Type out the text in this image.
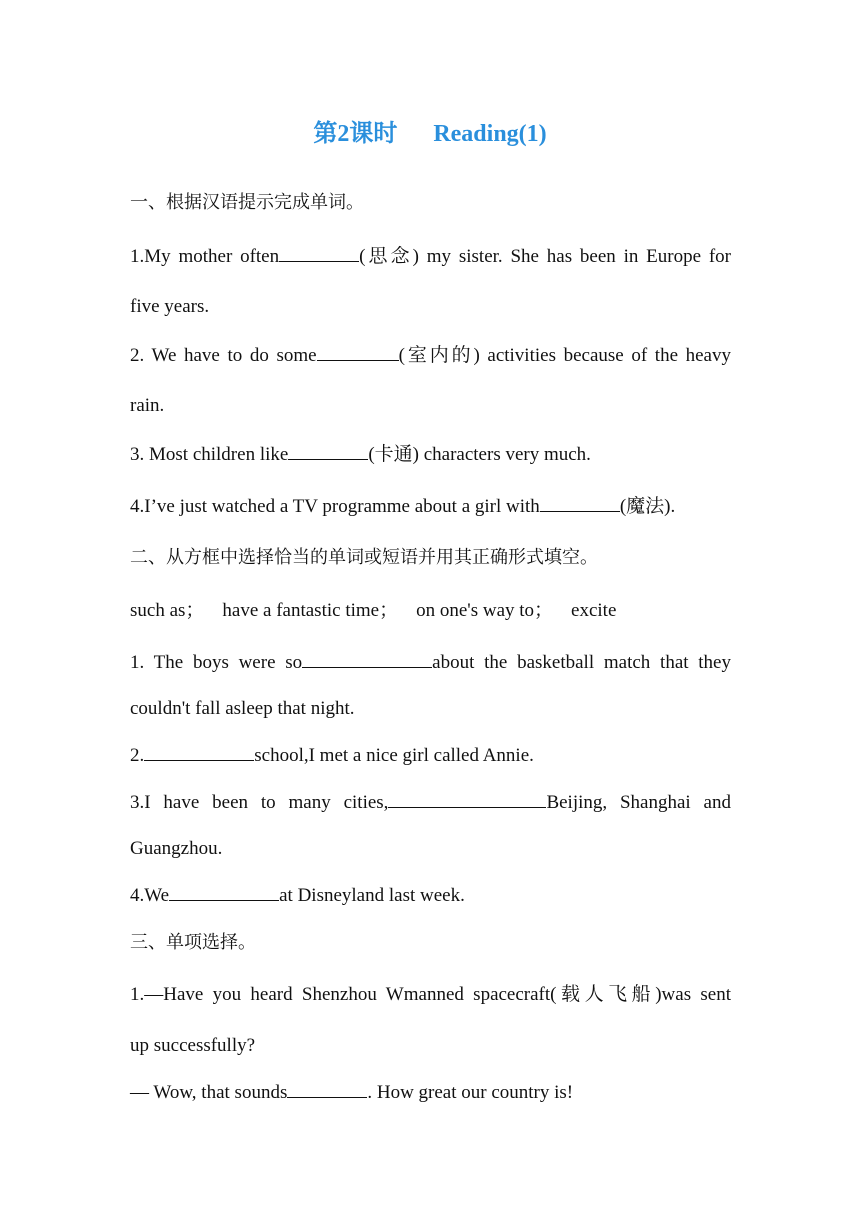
第2课时      Reading(1)
一、根据汉语提示完成单词。
1.My mother often	(思念) my sister. She has been in Europe for
five years.
2. We have to do some	(室内的) activities because of the heavy
rain.
3. Most children like	(卡通) characters very much.
4.I’ve just watched a TV programme about a girl with	(魔法).
二、从方框中选择恰当的单词或短语并用其正确形式填空。
such as； have a fantastic time； on one's way to； excite
1. The boys were so	about the basketball match that they
couldn't fall asleep that night.
2.	school,I met a nice girl called Annie.
3.I have been to many cities,	Beijing, Shanghai and
Guangzhou.
4.We	at Disneyland last week.
三、单项选择。
1.—Have you heard Shenzhou Wmanned spacecraft(载人飞船)was sent
up successfully?
— Wow, that sounds	. How great our country is!
